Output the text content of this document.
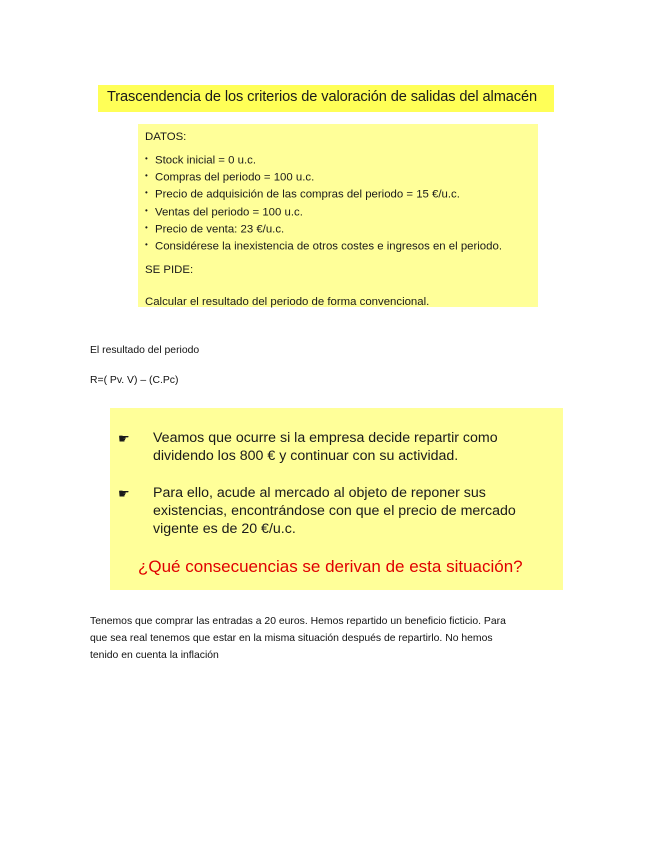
Trascendencia de los criterios de valoración de salidas del almacén
DATOS:
• Stock inicial = 0 u.c.
• Compras del periodo = 100 u.c.
• Precio de adquisición de las compras del periodo = 15 €/u.c.
• Ventas del periodo = 100 u.c.
• Precio de venta: 23 €/u.c.
• Considérese la inexistencia de otros costes e ingresos en el periodo.
SE PIDE:
Calcular el resultado del periodo de forma convencional.
El resultado del periodo
R=( Pv. V) – (C.Pc)
☛ Veamos que ocurre si la empresa decide repartir como
dividendo los 800 € y continuar con su actividad.
☛ Para ello, acude al mercado al objeto de reponer sus
existencias, encontrándose con que el precio de mercado
vigente es de 20 €/u.c.
¿Qué consecuencias se derivan de esta situación?
Tenemos que comprar las entradas a 20 euros. Hemos repartido un beneficio ficticio. Para
que sea real tenemos que estar en la misma situación después de repartirlo. No hemos
tenido en cuenta la inflación
